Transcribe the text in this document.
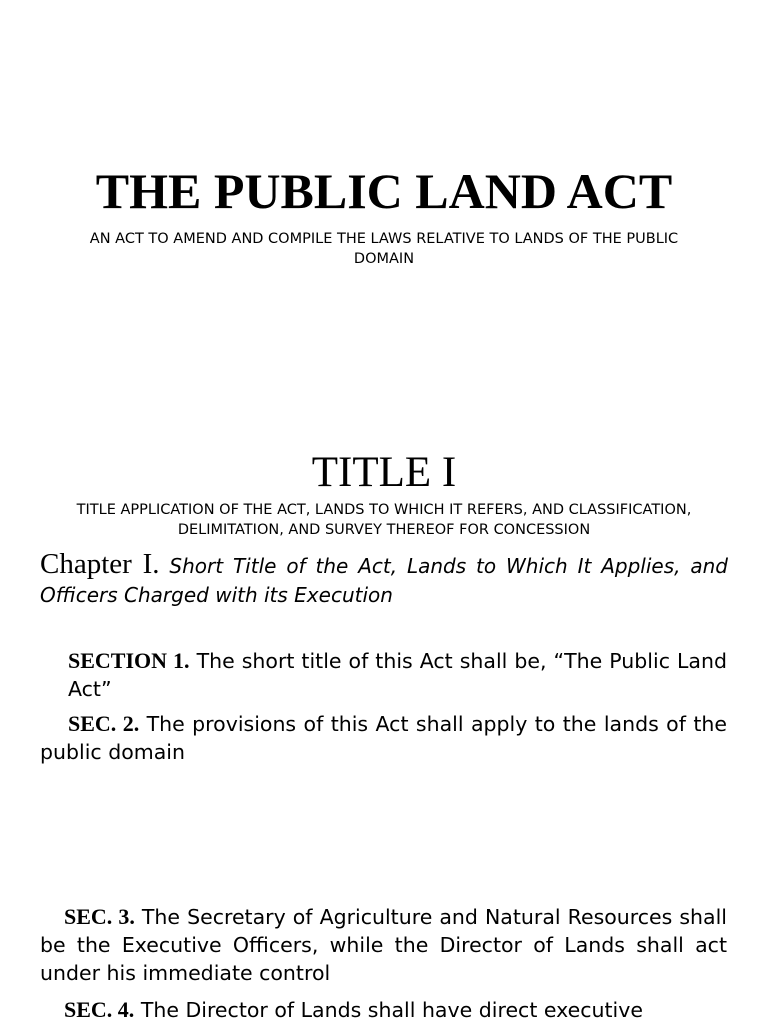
THE PUBLIC LAND ACT
AN ACT TO AMEND AND COMPILE THE LAWS RELATIVE TO LANDS OF THE PUBLIC DOMAIN
TITLE I
TITLE APPLICATION OF THE ACT, LANDS TO WHICH IT REFERS, AND CLASSIFICATION, DELIMITATION, AND SURVEY THEREOF FOR CONCESSION
Chapter I. Short Title of the Act, Lands to Which It Applies, and Officers Charged with its Execution
SECTION 1. The short title of this Act shall be, “The Public Land Act”
SEC. 2. The provisions of this Act shall apply to the lands of the public domain
SEC. 3. The Secretary of Agriculture and Natural Resources shall be the Executive Officers, while the Director of Lands shall act under his immediate control
SEC. 4. The Director of Lands shall have direct executive
